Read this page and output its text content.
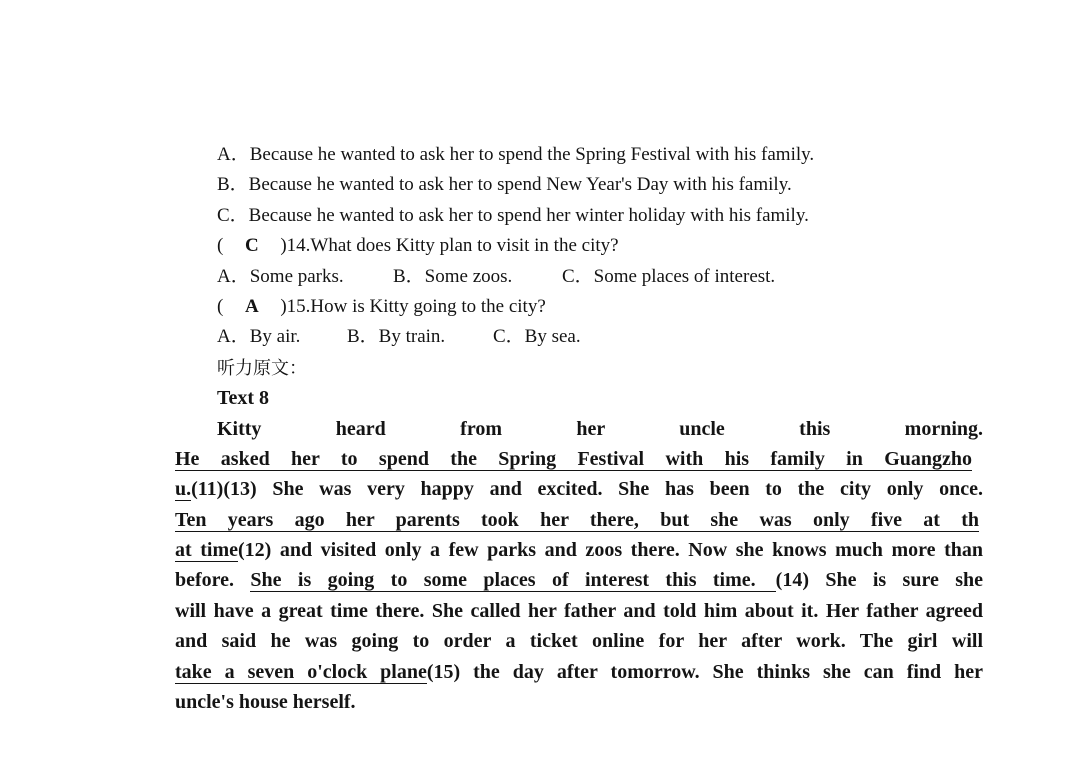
A．Because he wanted to ask her to spend the Spring Festival with his family.
B．Because he wanted to ask her to spend New Year's Day with his family.
C．Because he wanted to ask her to spend her winter holiday with his family.
( C )14.What does Kitty plan to visit in the city?
A．Some parks.	B．Some zoos.	C．Some places of interest.
( A )15.How is Kitty going to the city?
A．By air. B．By train.	C．By sea.
听力原文：
Text 8
Kitty heard from her uncle this morning.
He asked her to spend the Spring Festival with his family in Guangzho
u.(11)(13) She was very happy and excited. She has been to the city only once.
Ten years ago her parents took her there, but she was only five at th
at time(12) and visited only a few parks and zoos there. Now she knows much more than
before. She is going to some places of interest this time. (14) She is sure she
will have a great time there. She called her father and told him about it. Her father agreed
and said he was going to order a ticket online for her after work. The girl will
take a seven o'clock plane(15) the day after tomorrow. She thinks she can find her
uncle's house herself.
